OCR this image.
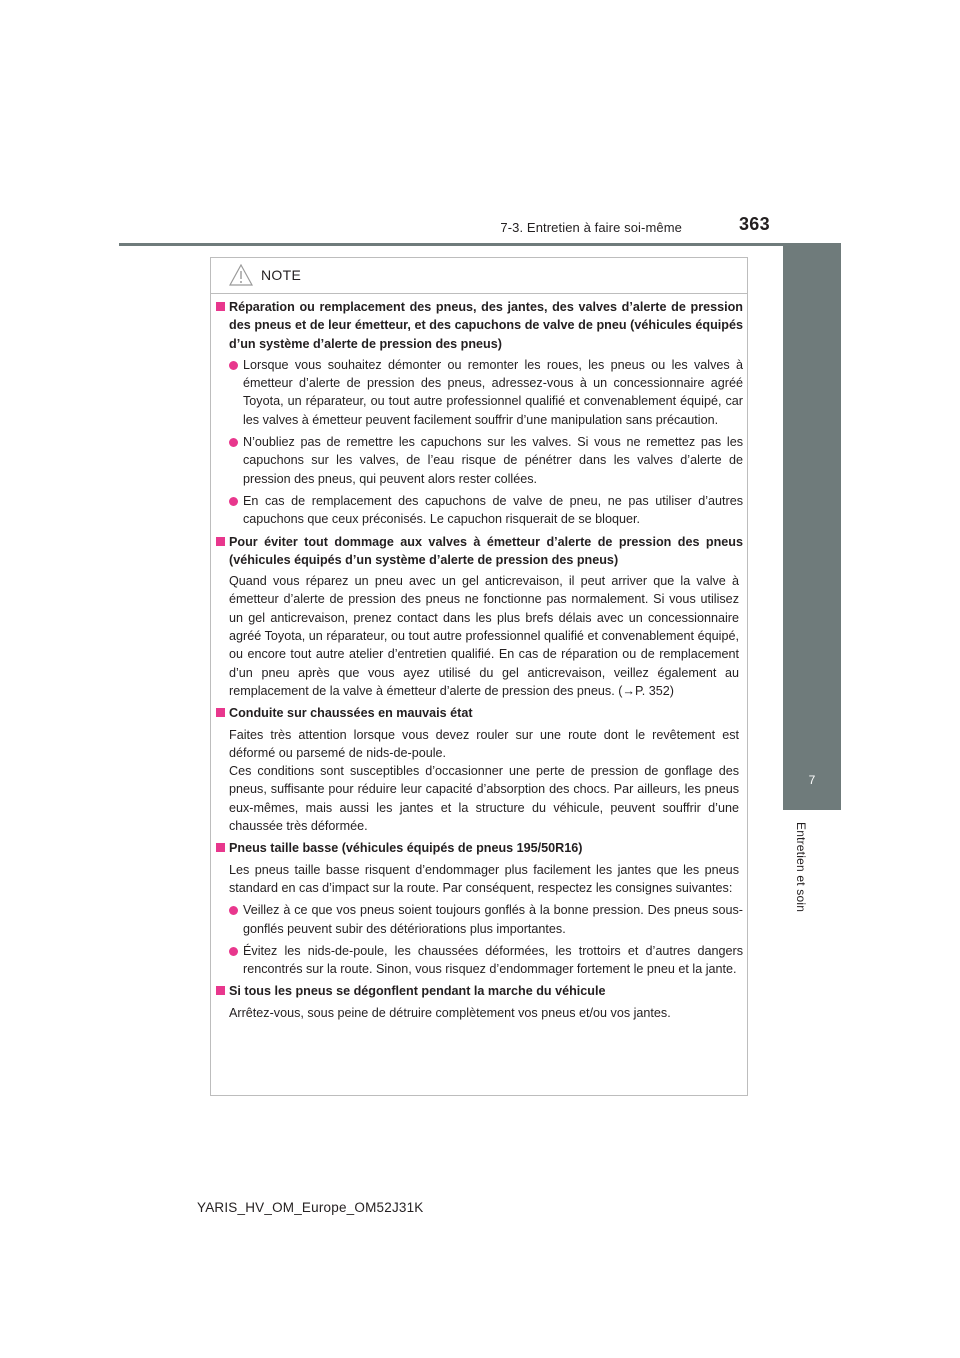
7-3. Entretien à faire soi-même	363
7
Entretien et soin
NOTE
Réparation ou remplacement des pneus, des jantes, des valves d’alerte de pression des pneus et de leur émetteur, et des capuchons de valve de pneu (véhicules équipés d’un système d’alerte de pression des pneus)
Lorsque vous souhaitez démonter ou remonter les roues, les pneus ou les valves à émetteur d’alerte de pression des pneus, adressez-vous à un concessionnaire agréé Toyota, un réparateur, ou tout autre professionnel qualifié et convenablement équipé, car les valves à émetteur peuvent facilement souffrir d’une manipulation sans précaution.
N’oubliez pas de remettre les capuchons sur les valves. Si vous ne remettez pas les capuchons sur les valves, de l’eau risque de pénétrer dans les valves d’alerte de pression des pneus, qui peuvent alors rester collées.
En cas de remplacement des capuchons de valve de pneu, ne pas utiliser d’autres capuchons que ceux préconisés. Le capuchon risquerait de se bloquer.
Pour éviter tout dommage aux valves à émetteur d’alerte de pression des pneus (véhicules équipés d’un système d’alerte de pression des pneus)
Quand vous réparez un pneu avec un gel anticrevaison, il peut arriver que la valve à émetteur d’alerte de pression des pneus ne fonctionne pas normalement. Si vous utilisez un gel anticrevaison, prenez contact dans les plus brefs délais avec un concessionnaire agréé Toyota, un réparateur, ou tout autre professionnel qualifié et convenablement équipé, ou encore tout autre atelier d’entretien qualifié. En cas de réparation ou de remplacement d’un pneu après que vous ayez utilisé du gel anticrevaison, veillez également au remplacement de la valve à émetteur d’alerte de pression des pneus. (→P. 352)
Conduite sur chaussées en mauvais état
Faites très attention lorsque vous devez rouler sur une route dont le revêtement est déformé ou parsemé de nids-de-poule.
Ces conditions sont susceptibles d’occasionner une perte de pression de gonflage des pneus, suffisante pour réduire leur capacité d’absorption des chocs. Par ailleurs, les pneus eux-mêmes, mais aussi les jantes et la structure du véhicule, peuvent souffrir d’une chaussée très déformée.
Pneus taille basse (véhicules équipés de pneus 195/50R16)
Les pneus taille basse risquent d’endommager plus facilement les jantes que les pneus standard en cas d’impact sur la route. Par conséquent, respectez les consignes suivantes:
Veillez à ce que vos pneus soient toujours gonflés à la bonne pression. Des pneus sous-gonflés peuvent subir des détériorations plus importantes.
Évitez les nids-de-poule, les chaussées déformées, les trottoirs et d’autres dangers rencontrés sur la route. Sinon, vous risquez d’endommager fortement le pneu et la jante.
Si tous les pneus se dégonflent pendant la marche du véhicule
Arrêtez-vous, sous peine de détruire complètement vos pneus et/ou vos jantes.
YARIS_HV_OM_Europe_OM52J31K
